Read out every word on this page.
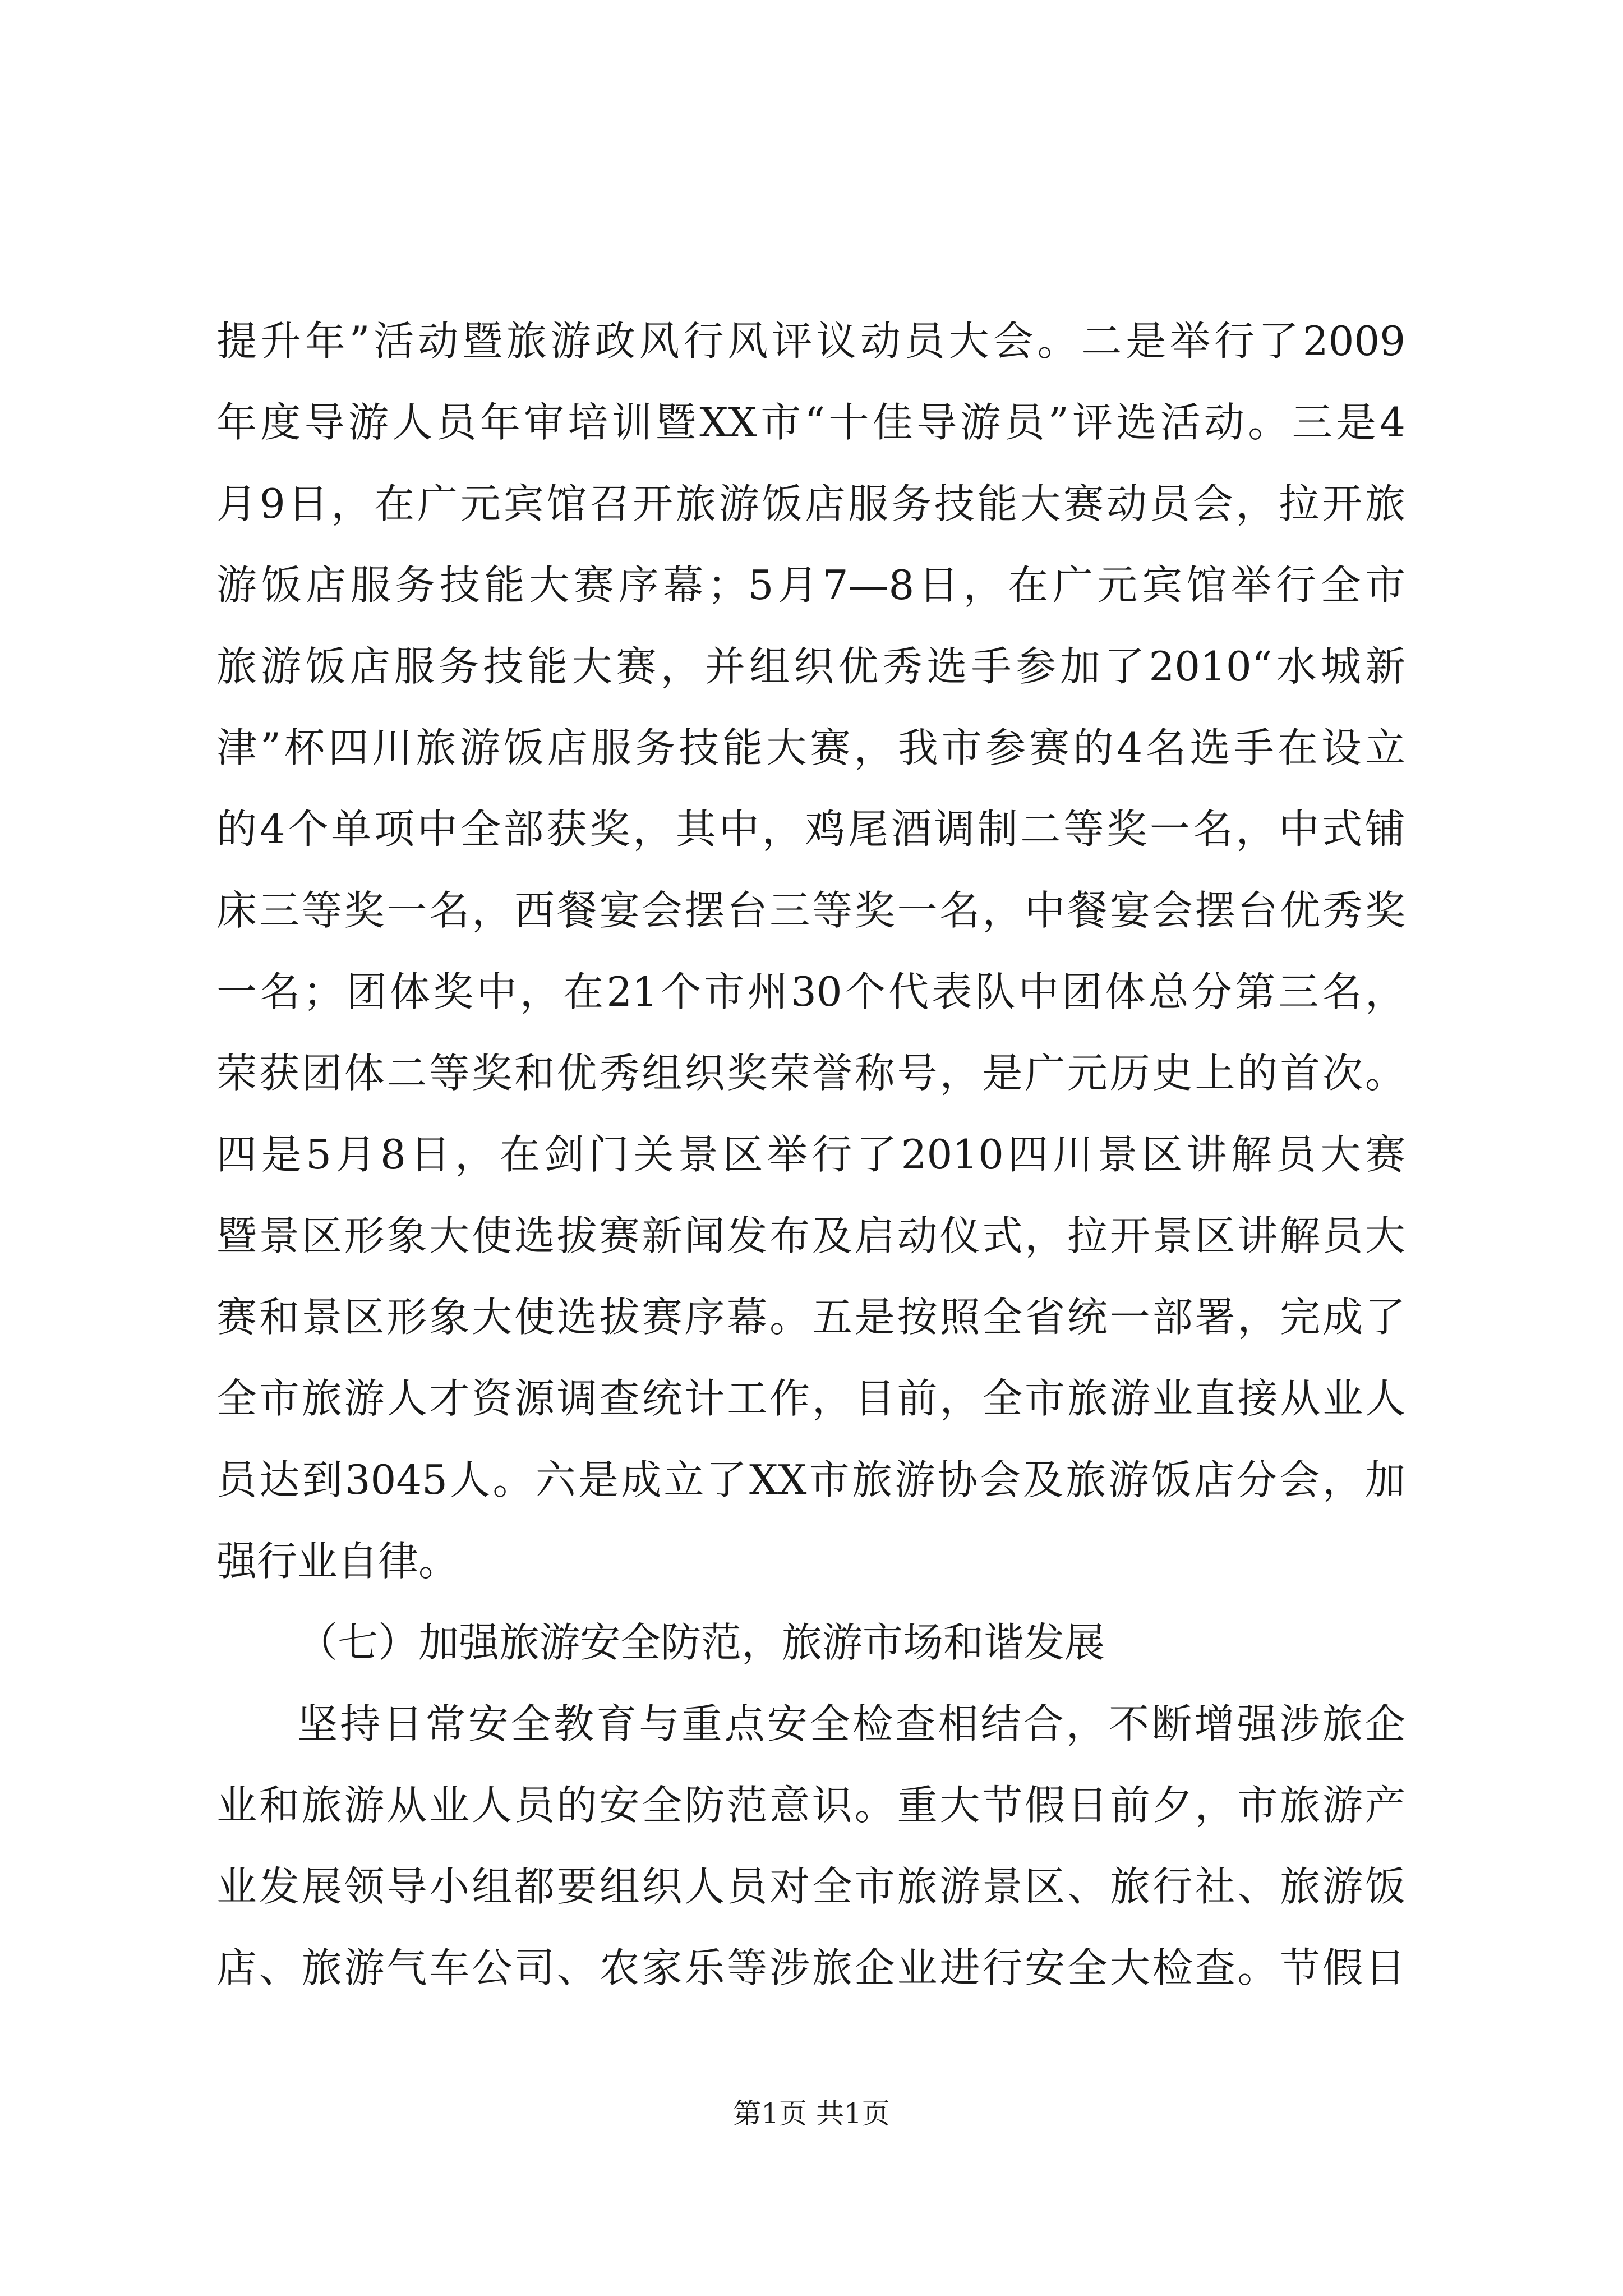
提升年”活动暨旅游政风行风评议动员大会。二是举行了2009
年度导游人员年审培训暨XX市“十佳导游员”评选活动。三是4
月9日，在广元宾馆召开旅游饭店服务技能大赛动员会，拉开旅
游饭店服务技能大赛序幕；5月7—8日，在广元宾馆举行全市
旅游饭店服务技能大赛，并组织优秀选手参加了2010“水城新
津”杯四川旅游饭店服务技能大赛，我市参赛的4名选手在设立
的4个单项中全部获奖，其中，鸡尾酒调制二等奖一名，中式铺
床三等奖一名，西餐宴会摆台三等奖一名，中餐宴会摆台优秀奖
一名；团体奖中，在21个市州30个代表队中团体总分第三名，
荣获团体二等奖和优秀组织奖荣誉称号，是广元历史上的首次。
四是5月8日，在剑门关景区举行了2010四川景区讲解员大赛
暨景区形象大使选拔赛新闻发布及启动仪式，拉开景区讲解员大
赛和景区形象大使选拔赛序幕。五是按照全省统一部署，完成了
全市旅游人才资源调查统计工作，目前，全市旅游业直接从业人
员达到3045人。六是成立了XX市旅游协会及旅游饭店分会，加
强行业自律。
（七）加强旅游安全防范，旅游市场和谐发展
坚持日常安全教育与重点安全检查相结合，不断增强涉旅企
业和旅游从业人员的安全防范意识。重大节假日前夕，市旅游产
业发展领导小组都要组织人员对全市旅游景区、旅行社、旅游饭
店、旅游气车公司、农家乐等涉旅企业进行安全大检查。节假日
第1页 共1页
